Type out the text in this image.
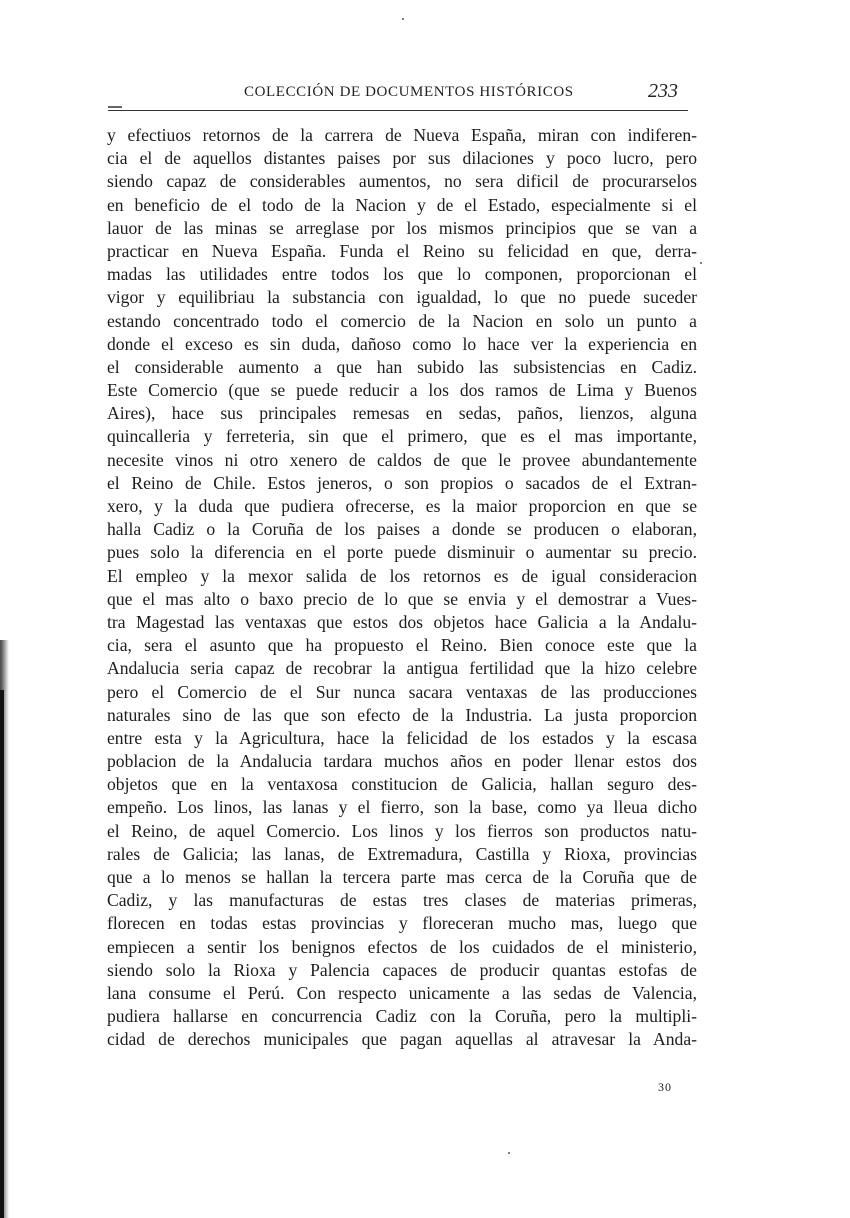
COLECCIÓN DE DOCUMENTOS HISTÓRICOS	233
y efectiuos retornos de la carrera de Nueva España, miran con indiferen-
cia el de aquellos distantes paises por sus dilaciones y poco lucro, pero
siendo capaz de considerables aumentos, no sera dificil de procurarselos
en beneficio de el todo de la Nacion y de el Estado, especialmente si el
lauor de las minas se arreglase por los mismos principios que se van a
practicar en Nueva España. Funda el Reino su felicidad en que, derra-
madas las utilidades entre todos los que lo componen, proporcionan el
vigor y equilibriau la substancia con igualdad, lo que no puede suceder
estando concentrado todo el comercio de la Nacion en solo un punto a
donde el exceso es sin duda, dañoso como lo hace ver la experiencia en
el considerable aumento a que han subido las subsistencias en Cadiz.
Este Comercio (que se puede reducir a los dos ramos de Lima y Buenos
Aires), hace sus principales remesas en sedas, paños, lienzos, alguna
quincalleria y ferreteria, sin que el primero, que es el mas importante,
necesite vinos ni otro xenero de caldos de que le provee abundantemente
el Reino de Chile. Estos jeneros, o son propios o sacados de el Extran-
xero, y la duda que pudiera ofrecerse, es la maior proporcion en que se
halla Cadiz o la Coruña de los paises a donde se producen o elaboran,
pues solo la diferencia en el porte puede disminuir o aumentar su precio.
El empleo y la mexor salida de los retornos es de igual consideracion
que el mas alto o baxo precio de lo que se envia y el demostrar a Vues-
tra Magestad las ventaxas que estos dos objetos hace Galicia a la Andalu-
cia, sera el asunto que ha propuesto el Reino. Bien conoce este que la
Andalucia seria capaz de recobrar la antigua fertilidad que la hizo celebre
pero el Comercio de el Sur nunca sacara ventaxas de las producciones
naturales sino de las que son efecto de la Industria. La justa proporcion
entre esta y la Agricultura, hace la felicidad de los estados y la escasa
poblacion de la Andalucia tardara muchos años en poder llenar estos dos
objetos que en la ventaxosa constitucion de Galicia, hallan seguro des-
empeño. Los linos, las lanas y el fierro, son la base, como ya lleua dicho
el Reino, de aquel Comercio. Los linos y los fierros son productos natu-
rales de Galicia; las lanas, de Extremadura, Castilla y Rioxa, provincias
que a lo menos se hallan la tercera parte mas cerca de la Coruña que de
Cadiz, y las manufacturas de estas tres clases de materias primeras,
florecen en todas estas provincias y floreceran mucho mas, luego que
empiecen a sentir los benignos efectos de los cuidados de el ministerio,
siendo solo la Rioxa y Palencia capaces de producir quantas estofas de
lana consume el Perú. Con respecto unicamente a las sedas de Valencia,
pudiera hallarse en concurrencia Cadiz con la Coruña, pero la multipli-
cidad de derechos municipales que pagan aquellas al atravesar la Anda-
30
